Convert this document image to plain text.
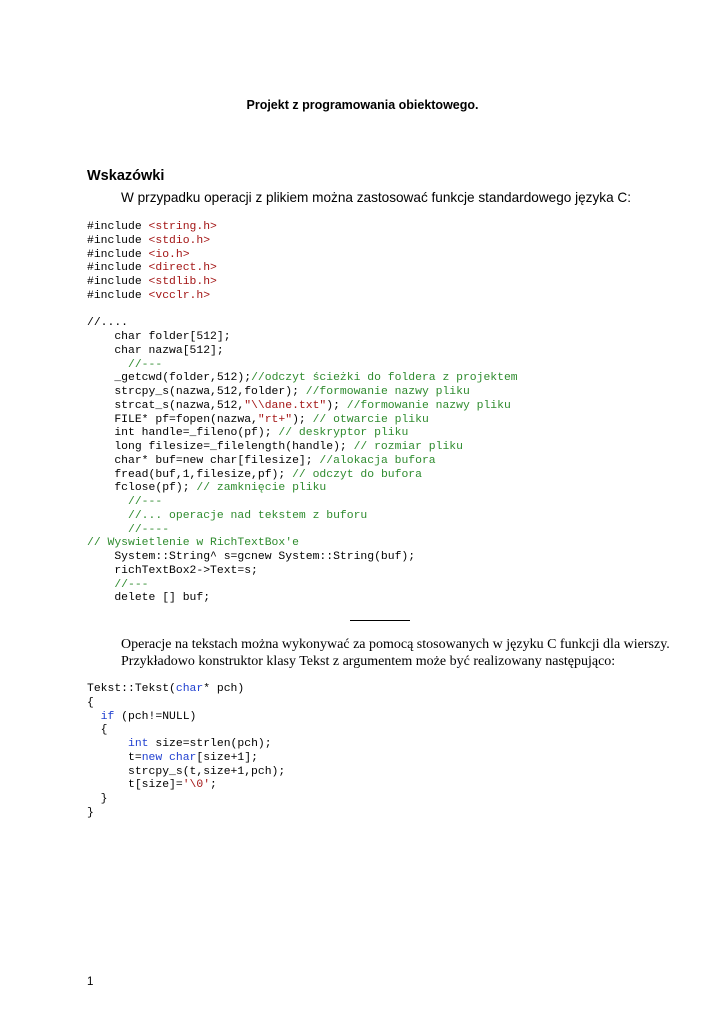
Projekt z programowania obiektowego.
Wskazówki
W przypadku operacji z plikiem można zastosować funkcje standardowego języka C:
#include <string.h>
#include <stdio.h>
#include <io.h>
#include <direct.h>
#include <stdlib.h>
#include <vcclr.h>
//....
char folder[512];
char nazwa[512];
//---
_getcwd(folder,512);//odczyt ścieżki do foldera z projektem
strcpy_s(nazwa,512,folder); //formowanie nazwy pliku
strcat_s(nazwa,512,"\\dane.txt"); //formowanie nazwy pliku
FILE* pf=fopen(nazwa,"rt+"); // otwarcie pliku
int handle=_fileno(pf); // deskryptor pliku
long filesize=_filelength(handle); // rozmiar pliku
char* buf=new char[filesize]; //alokacja bufora
fread(buf,1,filesize,pf); // odczyt do bufora
fclose(pf); // zamknięcie pliku
//---
//... operacje nad tekstem z buforu
//----
// Wyswietlenie w RichTextBox'e
System::String^ s=gcnew System::String(buf);
richTextBox2->Text=s;
//---
delete [] buf;
Operacje na tekstach można wykonywać za pomocą stosowanych w języku C funkcji dla wierszy.
Przykładowo konstruktor klasy Tekst z argumentem może być realizowany następująco:
Tekst::Tekst(char* pch)
{
if (pch!=NULL)
{
int size=strlen(pch);
t=new char[size+1];
strcpy_s(t,size+1,pch);
t[size]='\0';
}
}
1
